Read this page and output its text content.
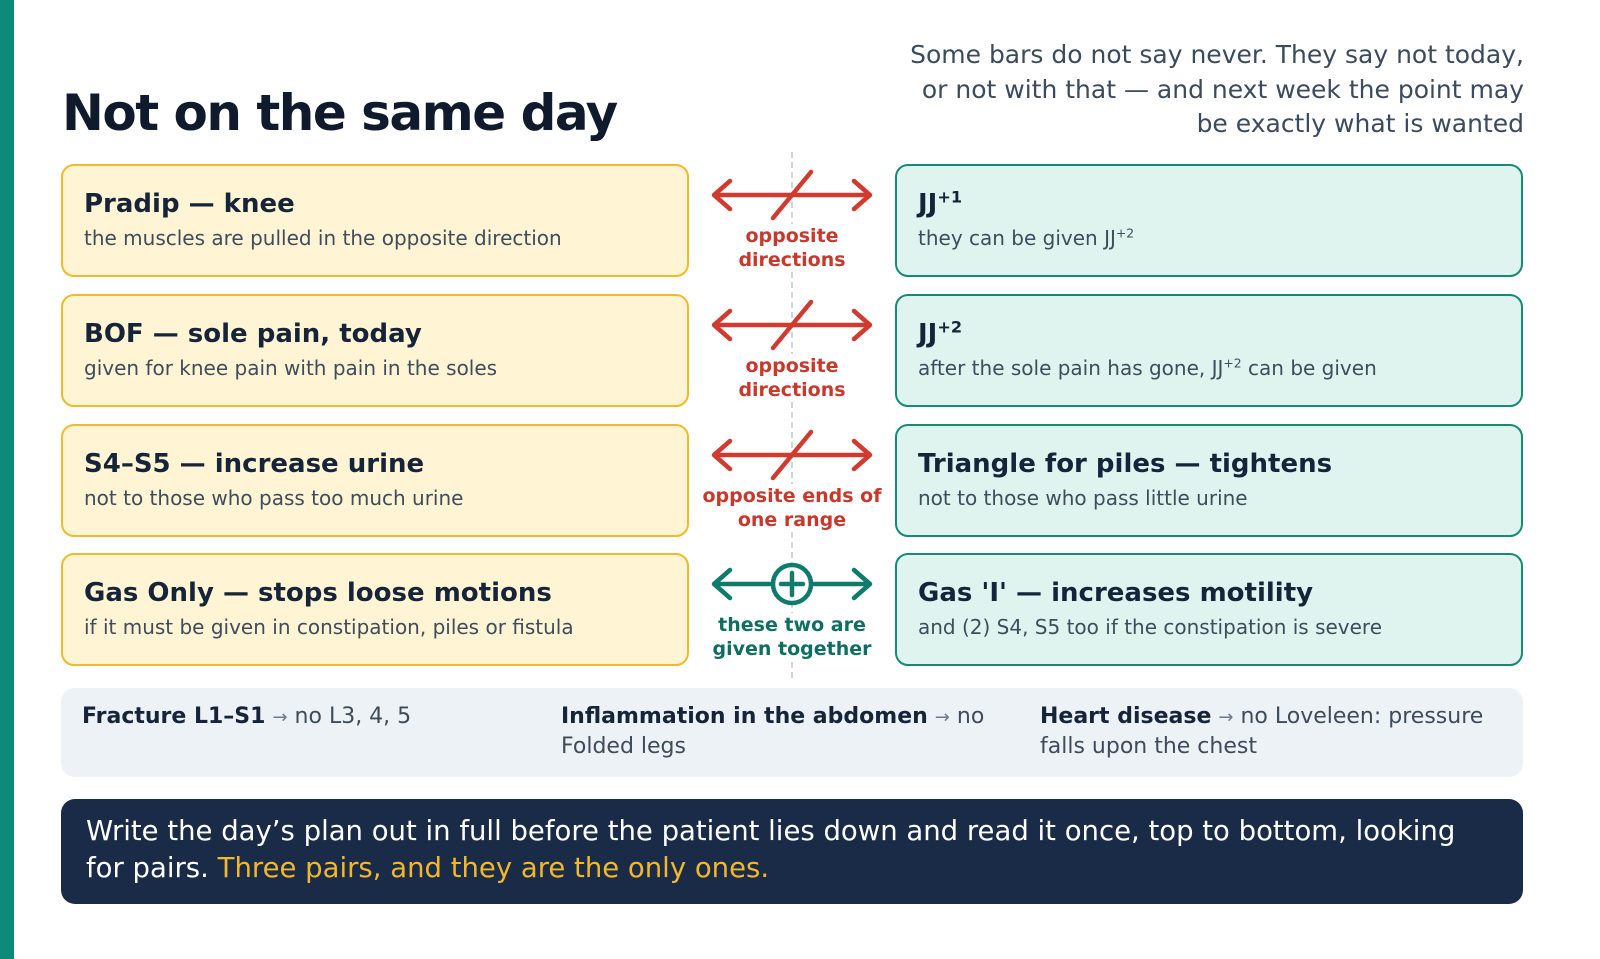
Not on the same day
Some bars do not say never. They say not today, or not with that — and next week the point may be exactly what is wanted
Pradip — knee
the muscles are pulled in the opposite direction	opposite
directions
$JJ^{+1}$
they can be given $JJ^{+2}$
BOF — sole pain, today
given for knee pain with pain in the soles	opposite
directions
$JJ^{+2}$
after the sole pain has gone, $JJ^{+2}$ can be given
S4–S5 — increase urine
not to those who pass too much urine	opposite ends of
one range
Triangle for piles — tightens
not to those who pass little urine
Gas Only — stops loose motions
if it must be given in constipation, piles or fistula	these two are
given together
Gas 'I' — increases motility
and (2) S4, S5 too if the constipation is severe
Fracture L1–S1 → no L3, 4, 5	Inflammation in the abdomen → no Folded legs
Heart disease → no Loveleen: pressure falls upon the chest
Write the day’s plan out in full before the patient lies down and read it once, top to bottom, looking for pairs. Three pairs, and they are the only ones.
